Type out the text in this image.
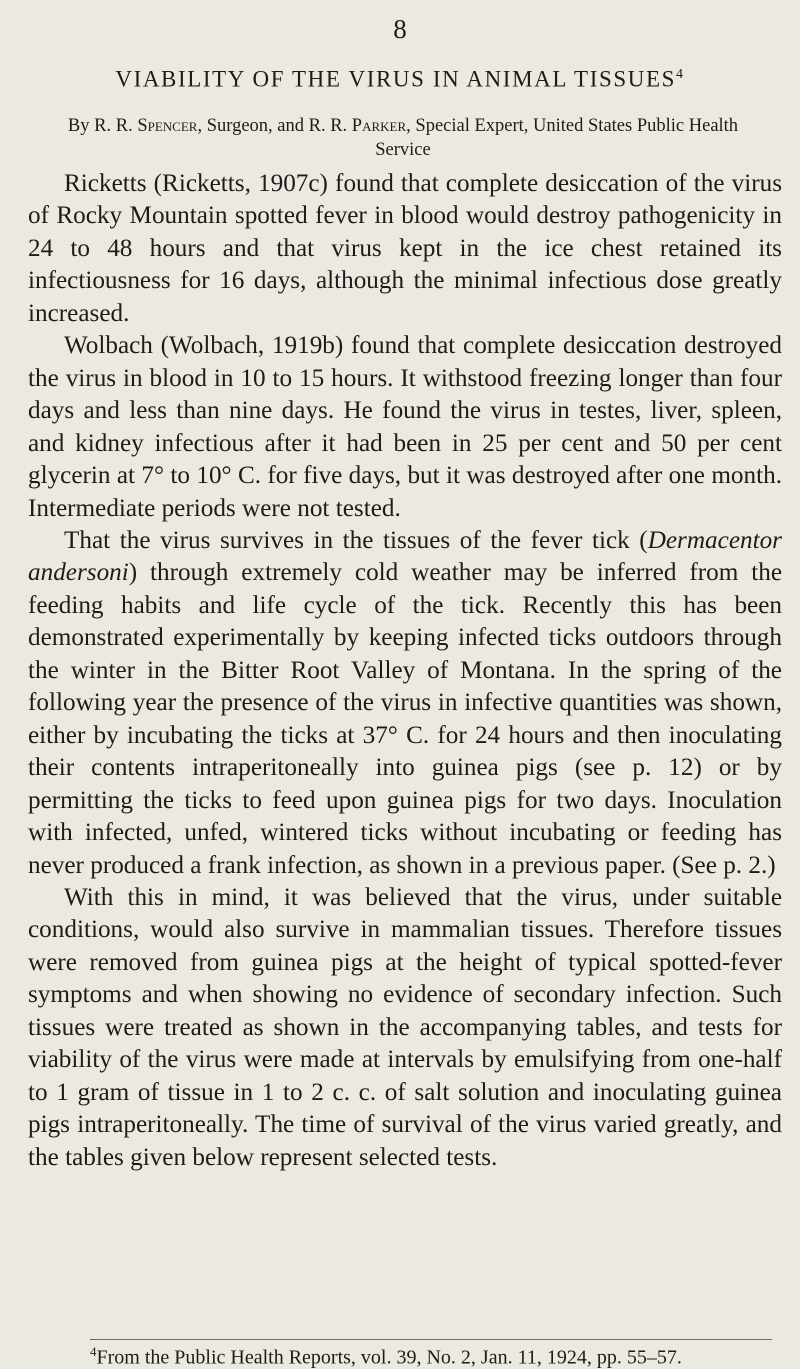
8
VIABILITY OF THE VIRUS IN ANIMAL TISSUES$^4$
By R. R. Spencer, Surgeon, and R. R. Parker, Special Expert, United States Public Health Service

Ricketts (Ricketts, 1907c) found that complete desiccation of the virus of Rocky Mountain spotted fever in blood would destroy pathogenicity in 24 to 48 hours and that virus kept in the ice chest retained its infectiousness for 16 days, although the minimal infectious dose greatly increased.

Wolbach (Wolbach, 1919b) found that complete desiccation destroyed the virus in blood in 10 to 15 hours. It withstood freezing longer than four days and less than nine days. He found the virus in testes, liver, spleen, and kidney infectious after it had been in 25 per cent and 50 per cent glycerin at 7° to 10° C. for five days, but it was destroyed after one month. Intermediate periods were not tested.

That the virus survives in the tissues of the fever tick (Dermacentor andersoni) through extremely cold weather may be inferred from the feeding habits and life cycle of the tick. Recently this has been demonstrated experimentally by keeping infected ticks outdoors through the winter in the Bitter Root Valley of Montana. In the spring of the following year the presence of the virus in infective quantities was shown, either by incubating the ticks at 37° C. for 24 hours and then inoculating their contents intraperitoneally into guinea pigs (see p. 12) or by permitting the ticks to feed upon guinea pigs for two days. Inoculation with infected, unfed, wintered ticks without incubating or feeding has never produced a frank infection, as shown in a previous paper. (See p. 2.)

With this in mind, it was believed that the virus, under suitable conditions, would also survive in mammalian tissues. Therefore tissues were removed from guinea pigs at the height of typical spotted-fever symptoms and when showing no evidence of secondary infection. Such tissues were treated as shown in the accompanying tables, and tests for viability of the virus were made at intervals by emulsifying from one-half to 1 gram of tissue in 1 to 2 c. c. of salt solution and inoculating guinea pigs intraperitoneally. The time of survival of the virus varied greatly, and the tables given below represent selected tests.

$^4$From the Public Health Reports, vol. 39, No. 2, Jan. 11, 1924, pp. 55–57.
